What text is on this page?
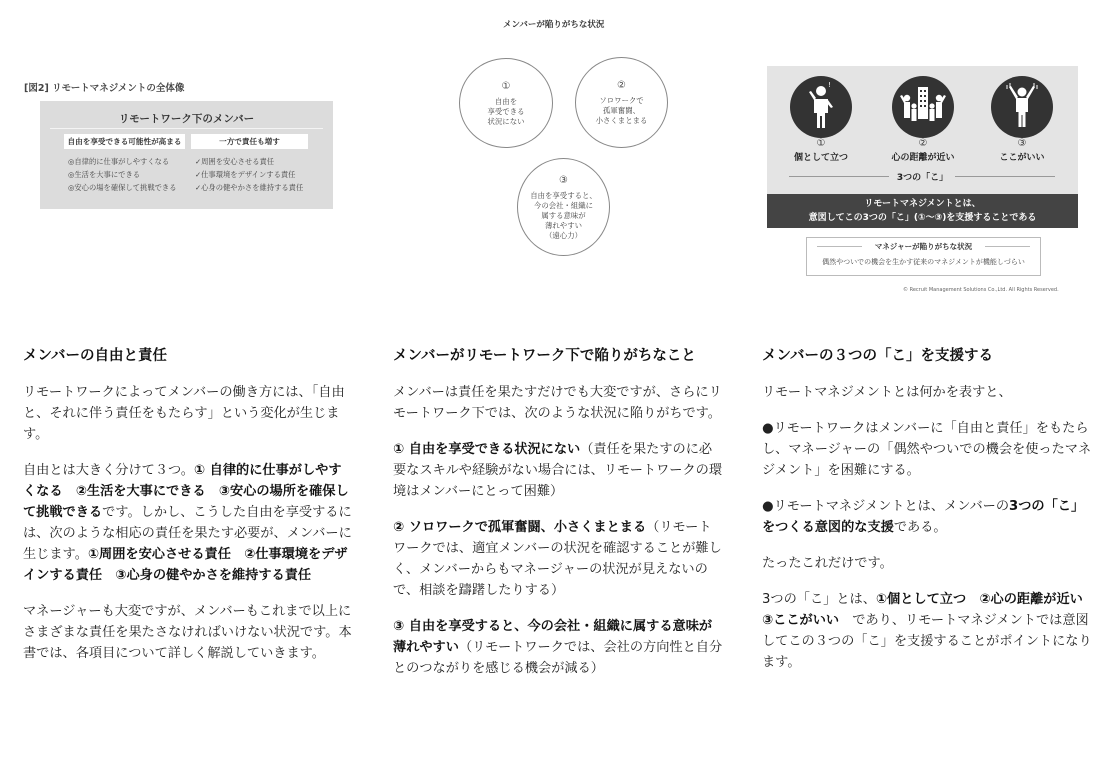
[図2] リモートマネジメントの全体像
リモートワーク下のメンバー
自由を享受できる可能性が高まる	一方で責任も増す
◎自律的に仕事がしやすくなる
◎生活を大事にできる
◎安心の場を確保して挑戦できる
✓周囲を安心させる責任
✓仕事環境をデザインする責任
✓心身の健やかさを維持する責任
メンバーが陥りがちな状況
①
自由を
享受できる
状況にない
②
ソロワークで
孤軍奮闘、
小さくまとまる
③
自由を享受すると、
今の会社・組織に
属する意味が
薄れやすい
（遠心力）
!
①
個として立つ
②
心の距離が近い
③
ここがいい
3つの「こ」
リモートマネジメントとは、
意図してこの3つの「こ」(①～③)を支援することである
マネジャーが陥りがちな状況
偶然やついでの機会を生かす従来のマネジメントが機能しづらい
© Recruit Management Solutions Co.,Ltd. All Rights Reserved.
メンバーの自由と責任

リモートワークによってメンバーの働き方には、「自由と、それに伴う責任をもたらす」という変化が生じます。

自由とは大きく分けて３つ。① 自律的に仕事がしやすくなる　②生活を大事にできる　③安心の場所を確保して挑戦できるです。しかし、こうした自由を享受するには、次のような相応の責任を果たす必要が、メンバーに生じます。①周囲を安心させる責任　②仕事環境をデザインする責任　③心身の健やかさを維持する責任

マネージャーも大変ですが、メンバーもこれまで以上にさまざまな責任を果たさなければいけない状況です。本書では、各項目について詳しく解説していきます。

メンバーがリモートワーク下で陥りがちなこと

メンバーは責任を果たすだけでも大変ですが、さらにリモートワーク下では、次のような状況に陥りがちです。

① 自由を享受できる状況にない（責任を果たすのに必要なスキルや経験がない場合には、リモートワークの環境はメンバーにとって困難）

② ソロワークで孤軍奮闘、小さくまとまる（リモートワークでは、適宜メンバーの状況を確認することが難しく、メンバーからもマネージャーの状況が見えないので、相談を躊躇したりする）

③ 自由を享受すると、今の会社・組織に属する意味が薄れやすい（リモートワークでは、会社の方向性と自分とのつながりを感じる機会が減る）

メンバーの３つの「こ」を支援する

リモートマネジメントとは何かを表すと、

●リモートワークはメンバーに「自由と責任」をもたらし、マネージャーの「偶然やついでの機会を使ったマネジメント」を困難にする。

●リモートマネジメントとは、メンバーの3つの「こ」をつくる意図的な支援である。

たったこれだけです。

3つの「こ」とは、①個として立つ　②心の距離が近い　③ここがいい　であり、リモートマネジメントでは意図してこの３つの「こ」を支援することがポイントになります。
